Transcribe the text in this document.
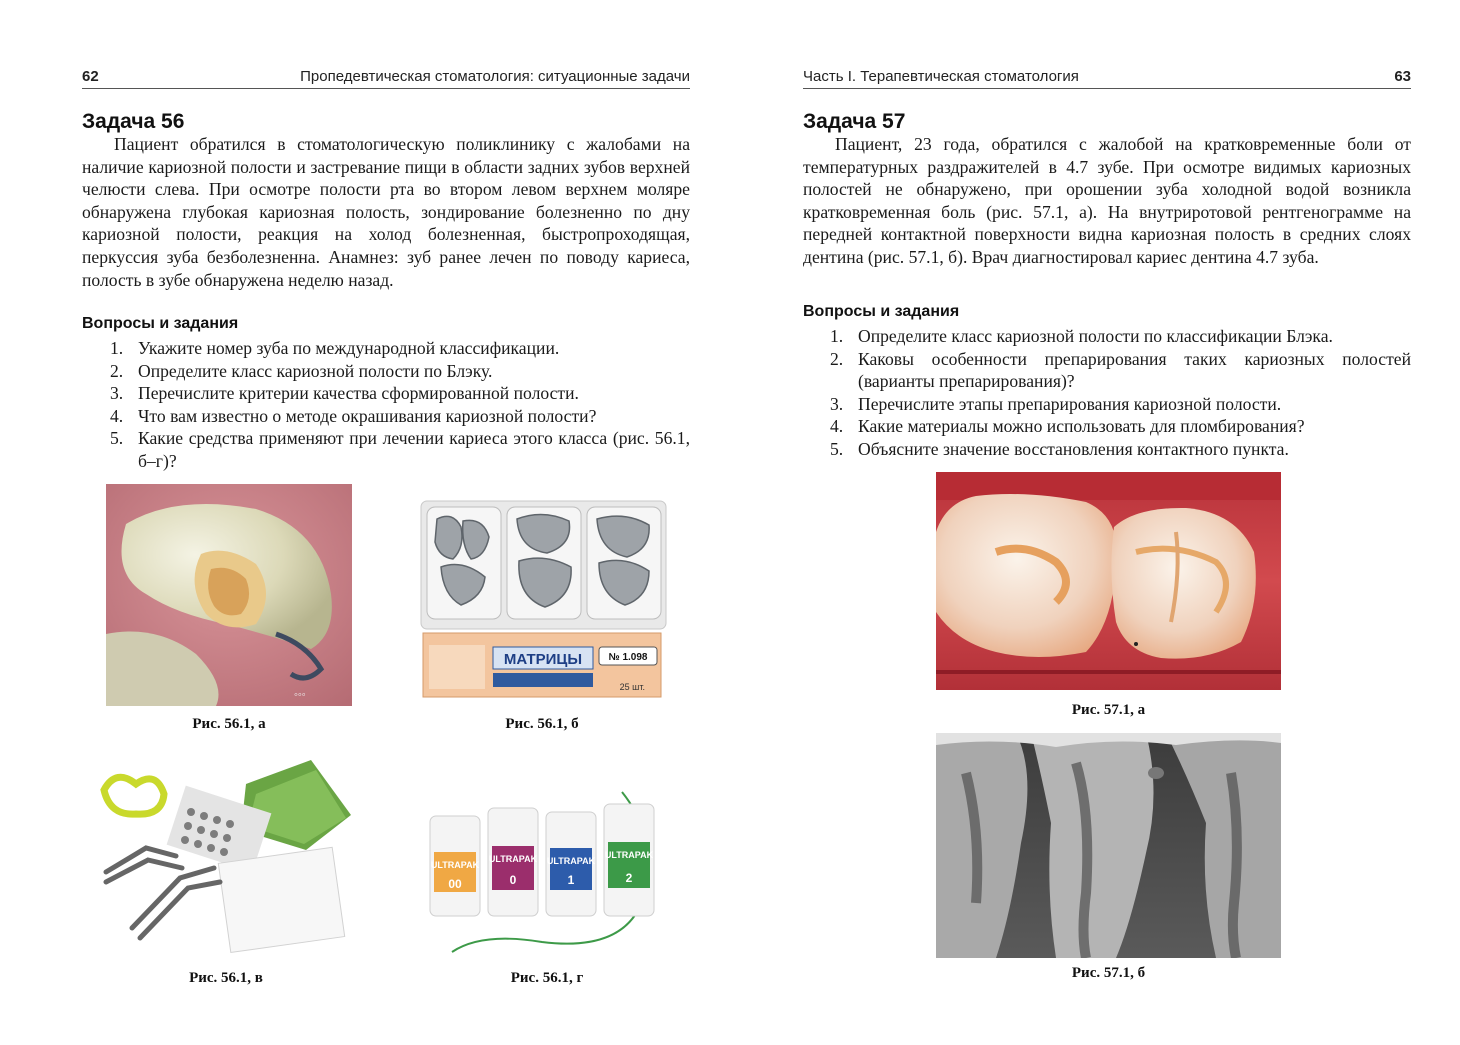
62	Пропедевтическая стоматология: ситуационные задачи
Задача 56

Пациент обратился в стоматологическую поликлинику с жалобами на наличие кариозной полости и застревание пищи в области задних зубов верхней челюсти слева. При осмотре полости рта во втором левом верхнем моляре обнаружена глубокая кариозная полость, зондирование болезненно по дну кариозной полости, реакция на холод болезненная, быстропроходящая, перкуссия зуба безболезненна. Анамнез: зуб ранее лечен по поводу кариеса, полость в зубе обнаружена неделю назад.

Вопросы и задания
1. Укажите номер зуба по международной классификации.
2. Определите класс кариозной полости по Блэку.
3. Перечислите критерии качества сформированной полости.
4. Что вам известно о методе окрашивания кариозной полости?
5. Какие средства применяют при лечении кариеса этого класса (рис. 56.1, б–г)?
◦◦◦
Рис. 56.1, а
МАТРИЦЫ	№ 1.098
25 шт.
Рис. 56.1, б
Рис. 56.1, в
ULTRAPAK
ULTRAPAK ULTRAPAK
ULTRAPAK
00	0	1	2
Рис. 56.1, г
Часть I. Терапевтическая стоматология	63
Задача 57

Пациент, 23 года, обратился с жалобой на кратковременные боли от температурных раздражителей в 4.7 зубе. При осмотре видимых кариозных полостей не обнаружено, при орошении зуба холодной водой возникла кратковременная боль (рис. 57.1, а). На внутриротовой рентгенограмме на передней контактной поверхности видна кариозная полость в средних слоях дентина (рис. 57.1, б). Врач диагностировал кариес дентина 4.7 зуба.

Вопросы и задания
1. Определите класс кариозной полости по классификации Блэка.
2. Каковы особенности препарирования таких кариозных полостей (варианты препарирования)?
3. Перечислите этапы препарирования кариозной полости.
4. Какие материалы можно использовать для пломбирования?
5. Объясните значение восстановления контактного пункта.
Рис. 57.1, а
Рис. 57.1, б
